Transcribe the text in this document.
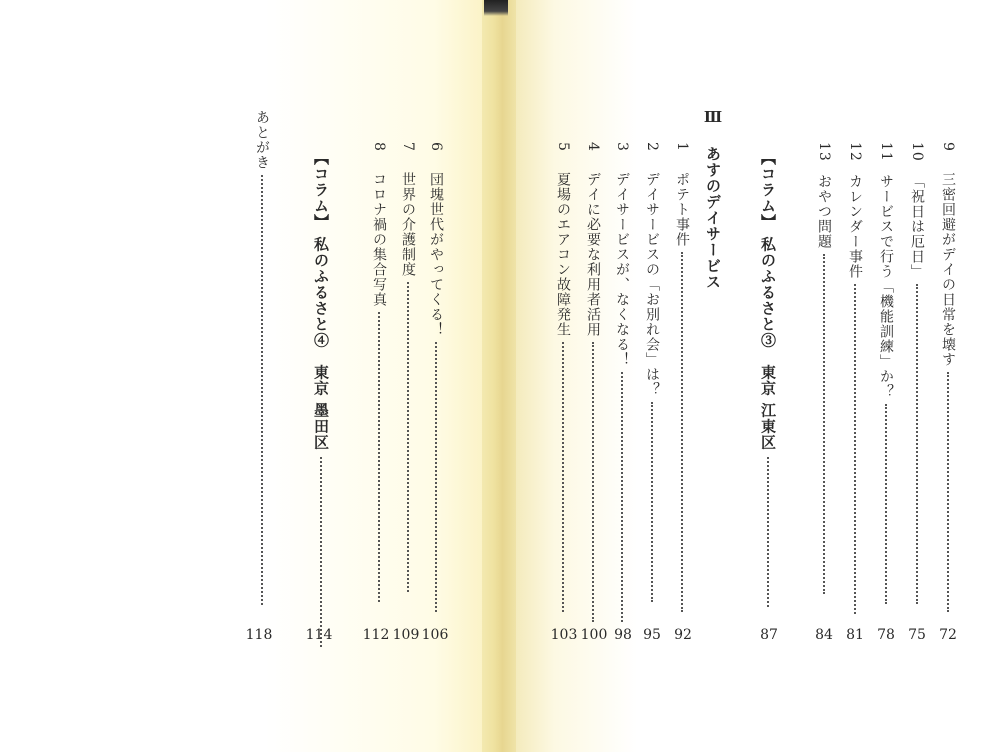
9
三密回避がデイの日常を壊す
72
10
「祝日は厄日」
75
11
サービスで行う「機能訓練」か？
78
12
カレンダー事件
81
13
おやつ問題
84
【コラム】 私のふるさと③　東京 江東区
87
Ⅲ
あすのデイサービス
1
ポテト事件
92
2
デイサービスの「お別れ会」は？
95
3
デイサービスが、なくなる！
98
4
デイに必要な利用者活用
100
5
夏場のエアコン故障発生
103
6
団塊世代がやってくる！
106
7
世界の介護制度
109
8
コロナ禍の集合写真
112
【コラム】 私のふるさと④　東京 墨田区
114
あとがき
118
